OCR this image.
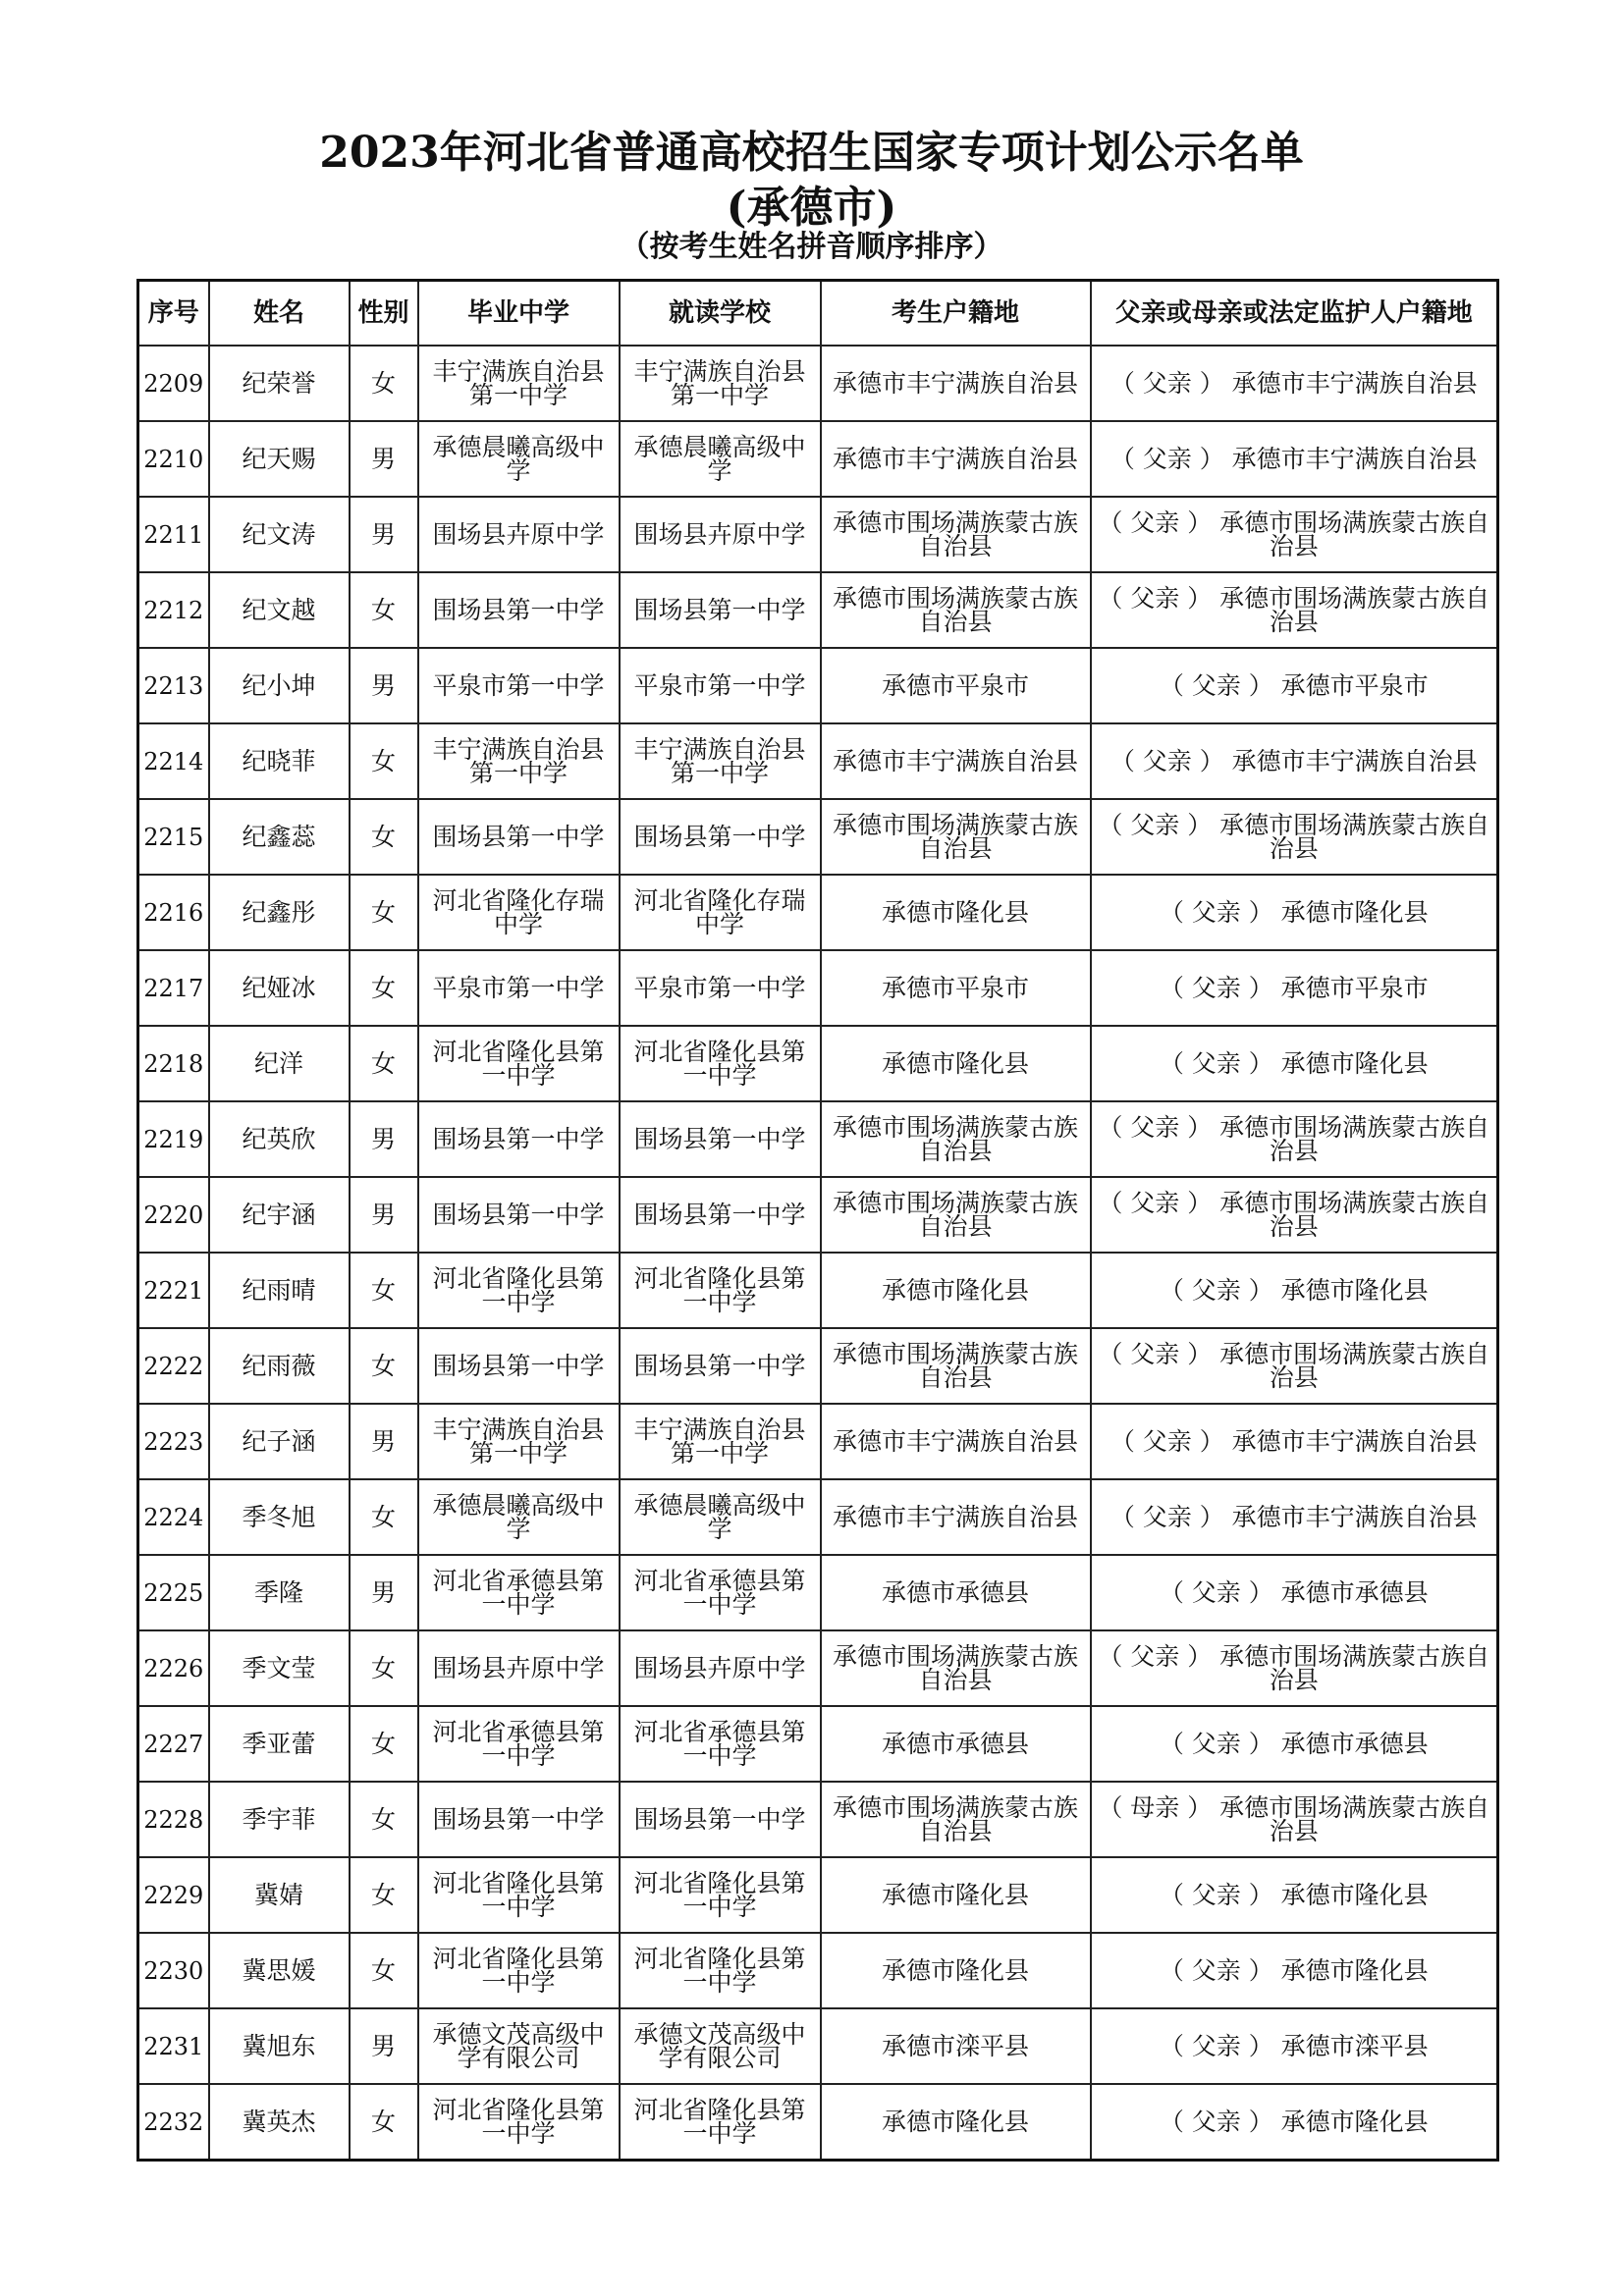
2023年河北省普通高校招生国家专项计划公示名单
(承德市)
（按考生姓名拼音顺序排序）
序号	姓名	性别	毕业中学	就读学校	考生户籍地	父亲或母亲或法定监护人户籍地
2209	纪荣誉	女	丰宁满族自治县第一中学	丰宁满族自治县第一中学	承德市丰宁满族自治县	（ 父亲 ） 承德市丰宁满族自治县
2210	纪天赐	男	承德晨曦高级中学	承德晨曦高级中学	承德市丰宁满族自治县	（ 父亲 ） 承德市丰宁满族自治县
2211	纪文涛	男	围场县卉原中学	围场县卉原中学	承德市围场满族蒙古族自治县	（ 父亲 ） 承德市围场满族蒙古族自治县
2212	纪文越	女	围场县第一中学	围场县第一中学	承德市围场满族蒙古族自治县	（ 父亲 ） 承德市围场满族蒙古族自治县
2213	纪小坤	男	平泉市第一中学	平泉市第一中学	承德市平泉市	（ 父亲 ） 承德市平泉市
2214	纪晓菲	女	丰宁满族自治县第一中学	丰宁满族自治县第一中学	承德市丰宁满族自治县	（ 父亲 ） 承德市丰宁满族自治县
2215	纪鑫蕊	女	围场县第一中学	围场县第一中学	承德市围场满族蒙古族自治县	（ 父亲 ） 承德市围场满族蒙古族自治县
2216	纪鑫彤	女	河北省隆化存瑞中学	河北省隆化存瑞中学	承德市隆化县	（ 父亲 ） 承德市隆化县
2217	纪娅冰	女	平泉市第一中学	平泉市第一中学	承德市平泉市	（ 父亲 ） 承德市平泉市
2218	纪洋	女	河北省隆化县第一中学	河北省隆化县第一中学	承德市隆化县	（ 父亲 ） 承德市隆化县
2219	纪英欣	男	围场县第一中学	围场县第一中学	承德市围场满族蒙古族自治县	（ 父亲 ） 承德市围场满族蒙古族自治县
2220	纪宇涵	男	围场县第一中学	围场县第一中学	承德市围场满族蒙古族自治县	（ 父亲 ） 承德市围场满族蒙古族自治县
2221	纪雨晴	女	河北省隆化县第一中学	河北省隆化县第一中学	承德市隆化县	（ 父亲 ） 承德市隆化县
2222	纪雨薇	女	围场县第一中学	围场县第一中学	承德市围场满族蒙古族自治县	（ 父亲 ） 承德市围场满族蒙古族自治县
2223	纪子涵	男	丰宁满族自治县第一中学	丰宁满族自治县第一中学	承德市丰宁满族自治县	（ 父亲 ） 承德市丰宁满族自治县
2224	季冬旭	女	承德晨曦高级中学	承德晨曦高级中学	承德市丰宁满族自治县	（ 父亲 ） 承德市丰宁满族自治县
2225	季隆	男	河北省承德县第一中学	河北省承德县第一中学	承德市承德县	（ 父亲 ） 承德市承德县
2226	季文莹	女	围场县卉原中学	围场县卉原中学	承德市围场满族蒙古族自治县	（ 父亲 ） 承德市围场满族蒙古族自治县
2227	季亚蕾	女	河北省承德县第一中学	河北省承德县第一中学	承德市承德县	（ 父亲 ） 承德市承德县
2228	季宇菲	女	围场县第一中学	围场县第一中学	承德市围场满族蒙古族自治县	（ 母亲 ） 承德市围场满族蒙古族自治县
2229	冀婧	女	河北省隆化县第一中学	河北省隆化县第一中学	承德市隆化县	（ 父亲 ） 承德市隆化县
2230	冀思媛	女	河北省隆化县第一中学	河北省隆化县第一中学	承德市隆化县	（ 父亲 ） 承德市隆化县
2231	冀旭东	男	承德文茂高级中学有限公司	承德文茂高级中学有限公司	承德市滦平县	（ 父亲 ） 承德市滦平县
2232	冀英杰	女	河北省隆化县第一中学	河北省隆化县第一中学	承德市隆化县	（ 父亲 ） 承德市隆化县
